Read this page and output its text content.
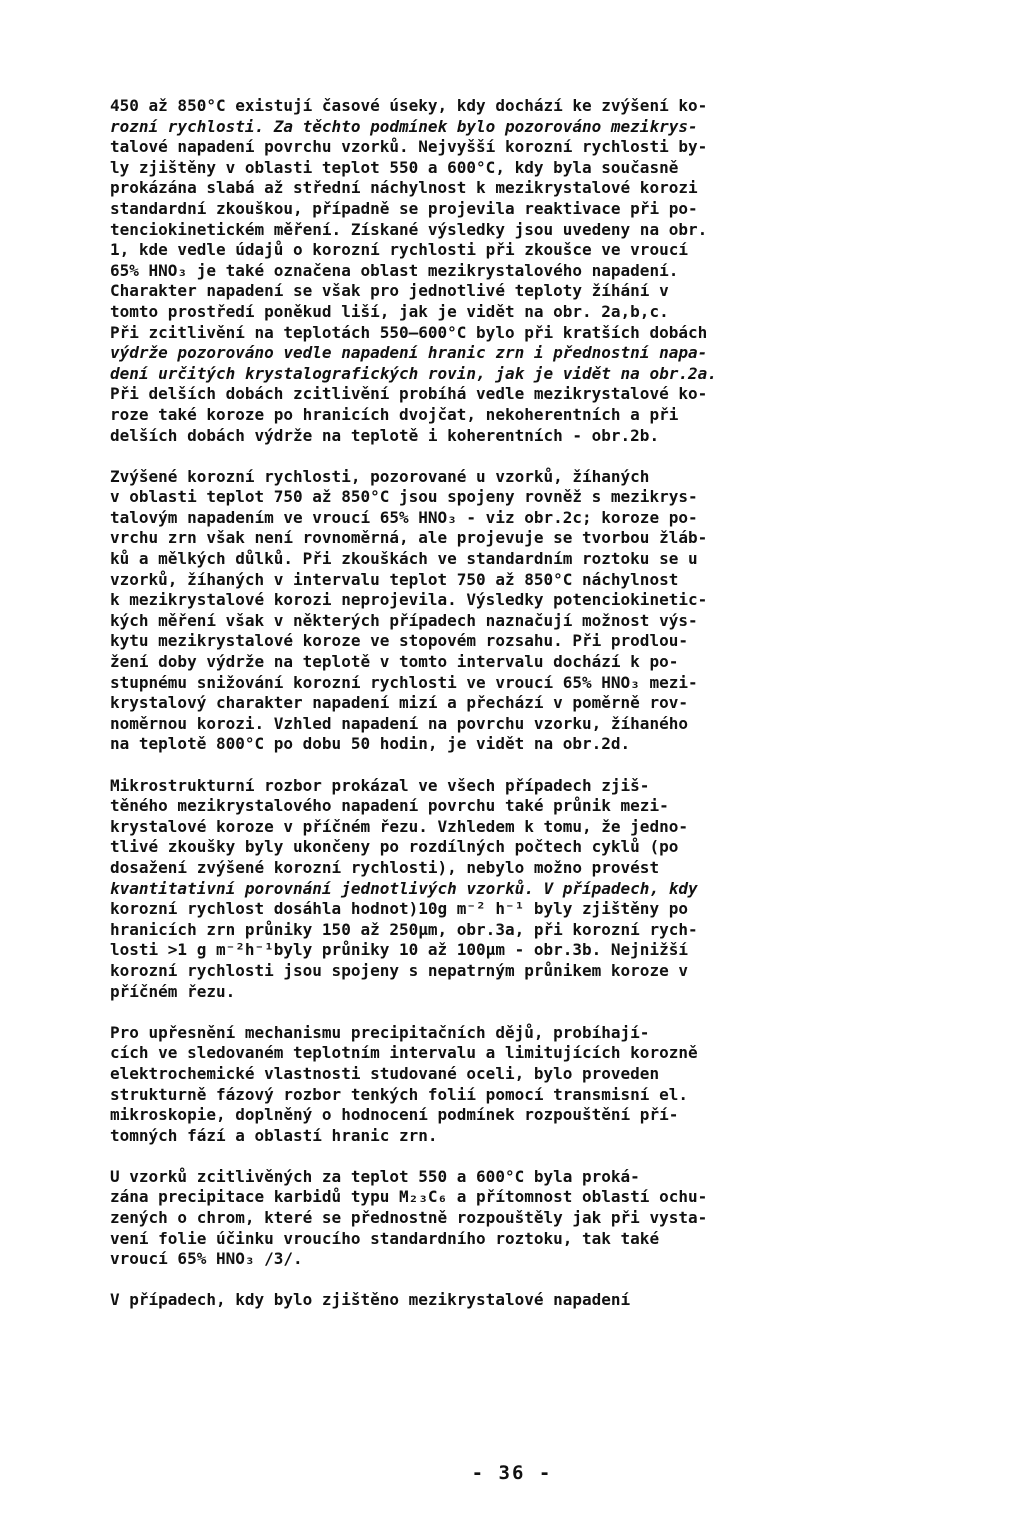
450 až 850°C existují časové úseky, kdy dochází ke zvýšení ko-
rozní rychlosti. Za těchto podmínek bylo pozorováno mezikrys-
talové napadení povrchu vzorků. Nejvyšší korozní rychlosti by-
ly zjištěny v oblasti teplot 550 a 600°C, kdy byla současně
prokázána slabá až střední náchylnost k mezikrystalové korozi
standardní zkouškou, případně se projevila reaktivace při po-
tenciokinetickém měření. Získané výsledky jsou uvedeny na obr.
1, kde vedle údajů o korozní rychlosti při zkoušce ve vroucí
65% HNO₃ je také označena oblast mezikrystalového napadení.
Charakter napadení se však pro jednotlivé teploty žíhání v
tomto prostředí poněkud liší, jak je vidět na obr. 2a,b,c.
Při zcitlivění na teplotách 550–600°C bylo při kratších dobách
výdrže pozorováno vedle napadení hranic zrn i přednostní napa-
dení určitých krystalografických rovin, jak je vidět na obr.2a.
Při delších dobách zcitlivění probíhá vedle mezikrystalové ko-
roze také koroze po hranicích dvojčat, nekoherentních a při
delších dobách výdrže na teplotě i koherentních - obr.2b.
Zvýšené korozní rychlosti, pozorované u vzorků, žíhaných
v oblasti teplot 750 až 850°C jsou spojeny rovněž s mezikrys-
talovým napadením ve vroucí 65% HNO₃ - viz obr.2c; koroze po-
vrchu zrn však není rovnoměrná, ale projevuje se tvorbou žláb-
ků a mělkých důlků. Při zkouškách ve standardním roztoku se u
vzorků, žíhaných v intervalu teplot 750 až 850°C náchylnost
k mezikrystalové korozi neprojevila. Výsledky potenciokinetic-
kých měření však v některých případech naznačují možnost výs-
kytu mezikrystalové koroze ve stopovém rozsahu. Při prodlou-
žení doby výdrže na teplotě v tomto intervalu dochází k po-
stupnému snižování korozní rychlosti ve vroucí 65% HNO₃ mezi-
krystalový charakter napadení mizí a přechází v poměrně rov-
noměrnou korozi. Vzhled napadení na povrchu vzorku, žíhaného
na teplotě 800°C po dobu 50 hodin, je vidět na obr.2d.
Mikrostrukturní rozbor prokázal ve všech případech zjiš-
těného mezikrystalového napadení povrchu také průnik mezi-
krystalové koroze v příčném řezu. Vzhledem k tomu, že jedno-
tlivé zkoušky byly ukončeny po rozdílných počtech cyklů (po
dosažení zvýšené korozní rychlosti), nebylo možno provést
kvantitativní porovnání jednotlivých vzorků. V případech, kdy
korozní rychlost dosáhla hodnot)10g m⁻² h⁻¹ byly zjištěny po
hranicích zrn průniky 150 až 250μm, obr.3a, při korozní rych-
losti >1 g m⁻²h⁻¹byly průniky 10 až 100μm - obr.3b. Nejnižší
korozní rychlosti jsou spojeny s nepatrným průnikem koroze v
příčném řezu.
Pro upřesnění mechanismu precipitačních dějů, probíhají-
cích ve sledovaném teplotním intervalu a limitujících korozně
elektrochemické vlastnosti studované oceli, bylo proveden
strukturně fázový rozbor tenkých folií pomocí transmisní el.
mikroskopie, doplněný o hodnocení podmínek rozpouštění pří-
tomných fází a oblastí hranic zrn.
U vzorků zcitlivěných za teplot 550 a 600°C byla proká-
zána precipitace karbidů typu M₂₃C₆ a přítomnost oblastí ochu-
zených o chrom, které se přednostně rozpouštěly jak při vysta-
vení folie účinku vroucího standardního roztoku, tak také
vroucí 65% HNO₃ /3/.
V případech, kdy bylo zjištěno mezikrystalové napadení
- 36 -
